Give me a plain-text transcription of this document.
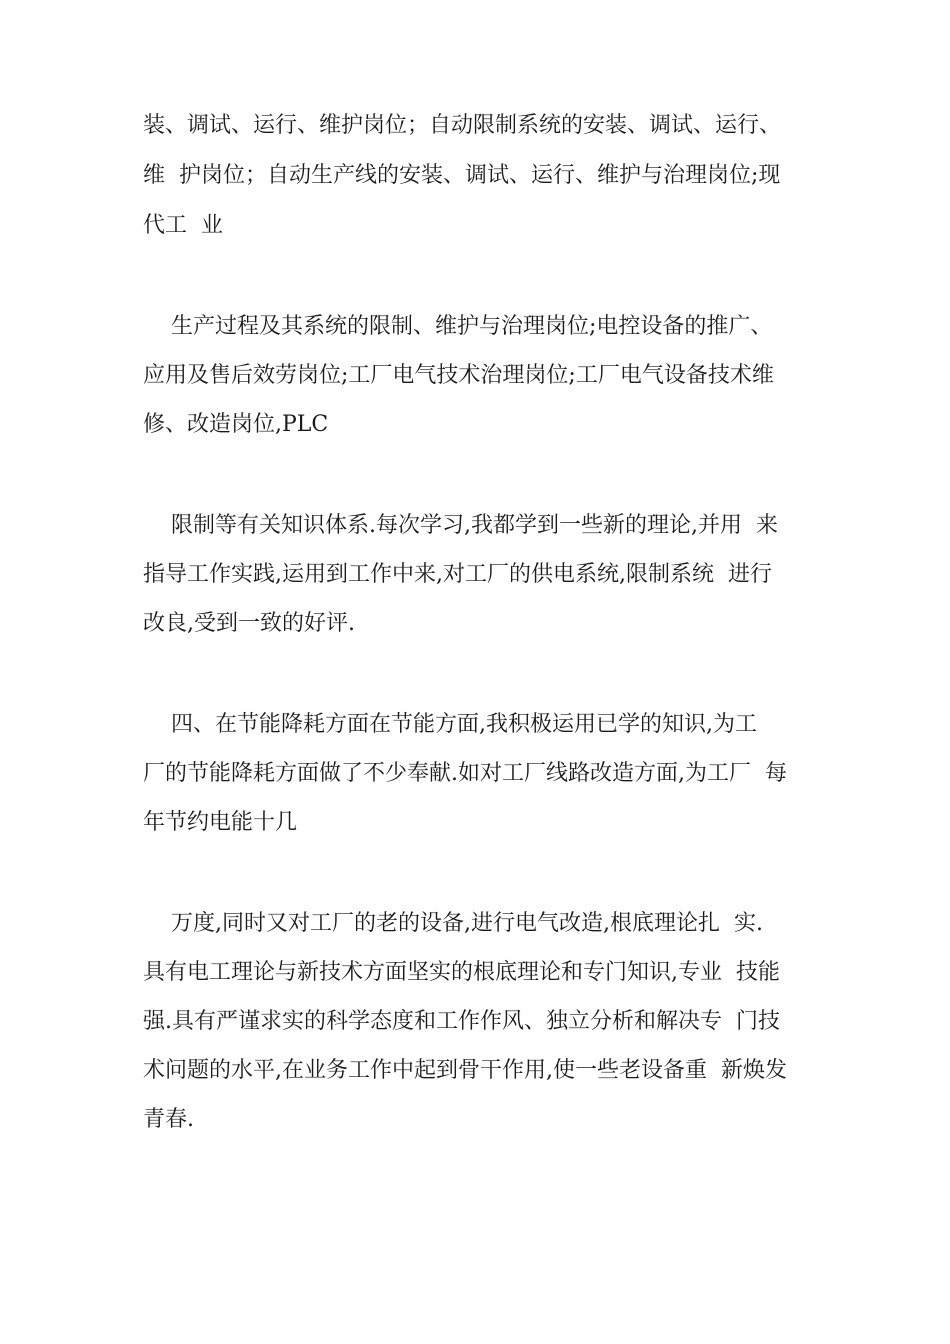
装、调试、运行、维护岗位；自动限制系统的安装、调试、运行、
维  护岗位；自动生产线的安装、调试、运行、维护与治理岗位;现
代工  业
生产过程及其系统的限制、维护与治理岗位;电控设备的推广、
应用及售后效劳岗位;工厂电气技术治理岗位;工厂电气设备技术维
修、改造岗位,PLC
限制等有关知识体系.每次学习,我都学到一些新的理论,并用  来
指导工作实践,运用到工作中来,对工厂的供电系统,限制系统  进行
改良,受到一致的好评.
四、在节能降耗方面在节能方面,我积极运用已学的知识,为工
厂的节能降耗方面做了不少奉献.如对工厂线路改造方面,为工厂  每
年节约电能十几
万度,同时又对工厂的老的设备,进行电气改造,根底理论扎  实.
具有电工理论与新技术方面坚实的根底理论和专门知识,专业  技能
强.具有严谨求实的科学态度和工作作风、独立分析和解决专  门技
术问题的水平,在业务工作中起到骨干作用,使一些老设备重  新焕发
青春.
